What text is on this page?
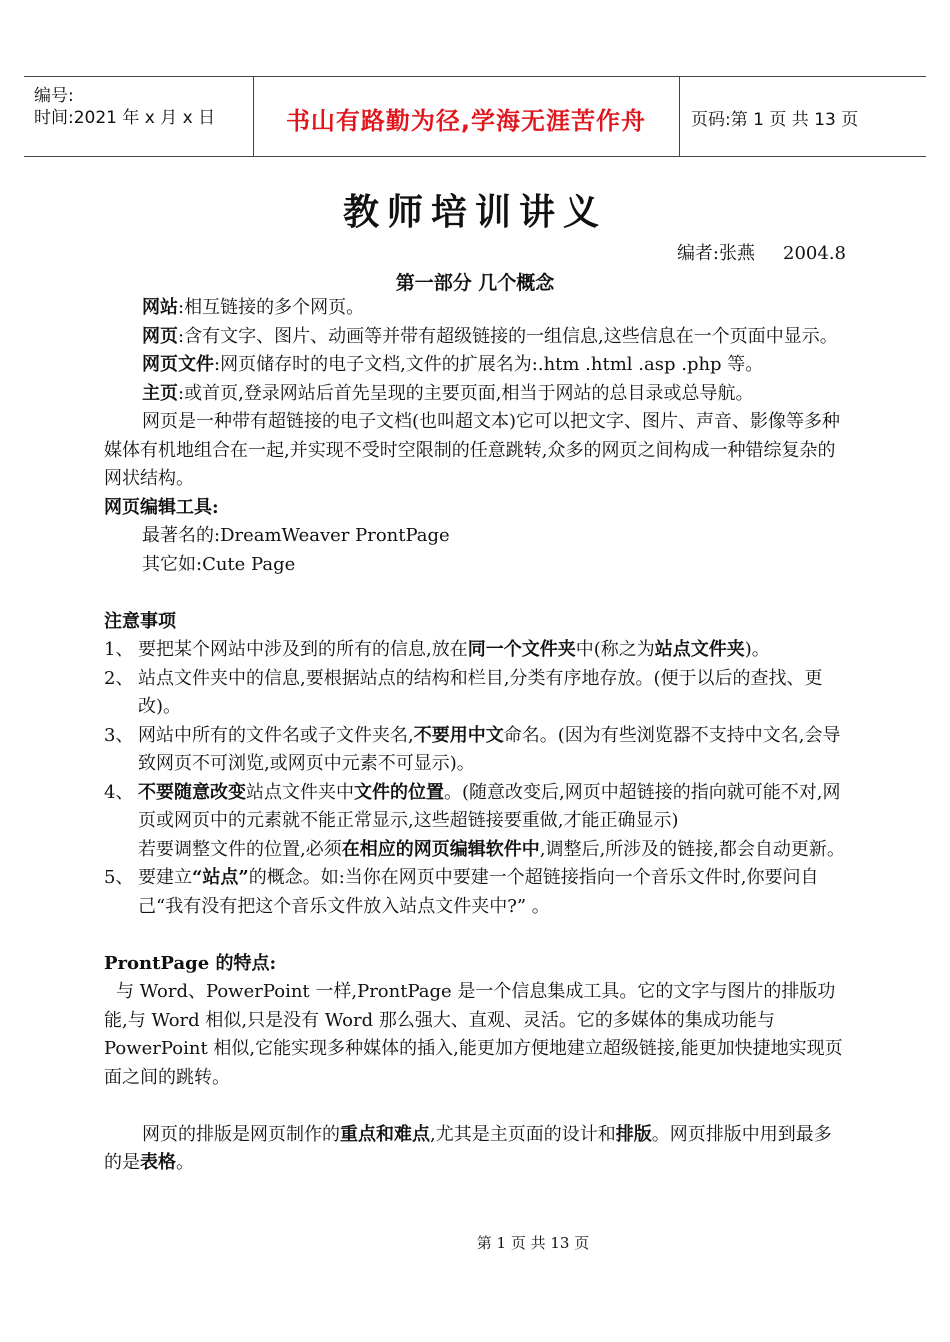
编号:
时间:2021 年 x 月 x 日	书山有路勤为径,学海无涯苦作舟	页码:第 1 页 共 13 页
教师培训讲义
编者:张燕 2004.8
第一部分 几个概念

网站:相互链接的多个网页。

网页:含有文字、图片、动画等并带有超级链接的一组信息,这些信息在一个页面中显示。

网页文件:网页储存时的电子文档,文件的扩展名为:.htm .html .asp .php 等。

主页:或首页,登录网站后首先呈现的主要页面,相当于网站的总目录或总导航。

网页是一种带有超链接的电子文档(也叫超文本)它可以把文字、图片、声音、影像等多种媒体有机地组合在一起,并实现不受时空限制的任意跳转,众多的网页之间构成一种错综复杂的网状结构。

网页编辑工具:

最著名的:DreamWeaver ProntPage

其它如:Cute Page

注意事项

1、 要把某个网站中涉及到的所有的信息,放在同一个文件夹中(称之为站点文件夹)。
2、 站点文件夹中的信息,要根据站点的结构和栏目,分类有序地存放。(便于以后的查找、更改)。
3、 网站中所有的文件名或子文件夹名,不要用中文命名。(因为有些浏览器不支持中文名,会导致网页不可浏览,或网页中元素不可显示)。
4、 不要随意改变站点文件夹中文件的位置。(随意改变后,网页中超链接的指向就可能不对,网页或网页中的元素就不能正常显示,这些超链接要重做,才能正确显示)
若要调整文件的位置,必须在相应的网页编辑软件中,调整后,所涉及的链接,都会自动更新。
5、 要建立“站点”的概念。如:当你在网页中要建一个超链接指向一个音乐文件时,你要问自己“我有没有把这个音乐文件放入站点文件夹中?” 。

ProntPage 的特点:

与 Word、PowerPoint 一样,ProntPage 是一个信息集成工具。它的文字与图片的排版功能,与 Word 相似,只是没有 Word 那么强大、直观、灵活。它的多媒体的集成功能与 PowerPoint 相似,它能实现多种媒体的插入,能更加方便地建立超级链接,能更加快捷地实现页面之间的跳转。

网页的排版是网页制作的重点和难点,尤其是主页面的设计和排版。网页排版中用到最多的是表格。

第 1 页 共 13 页
